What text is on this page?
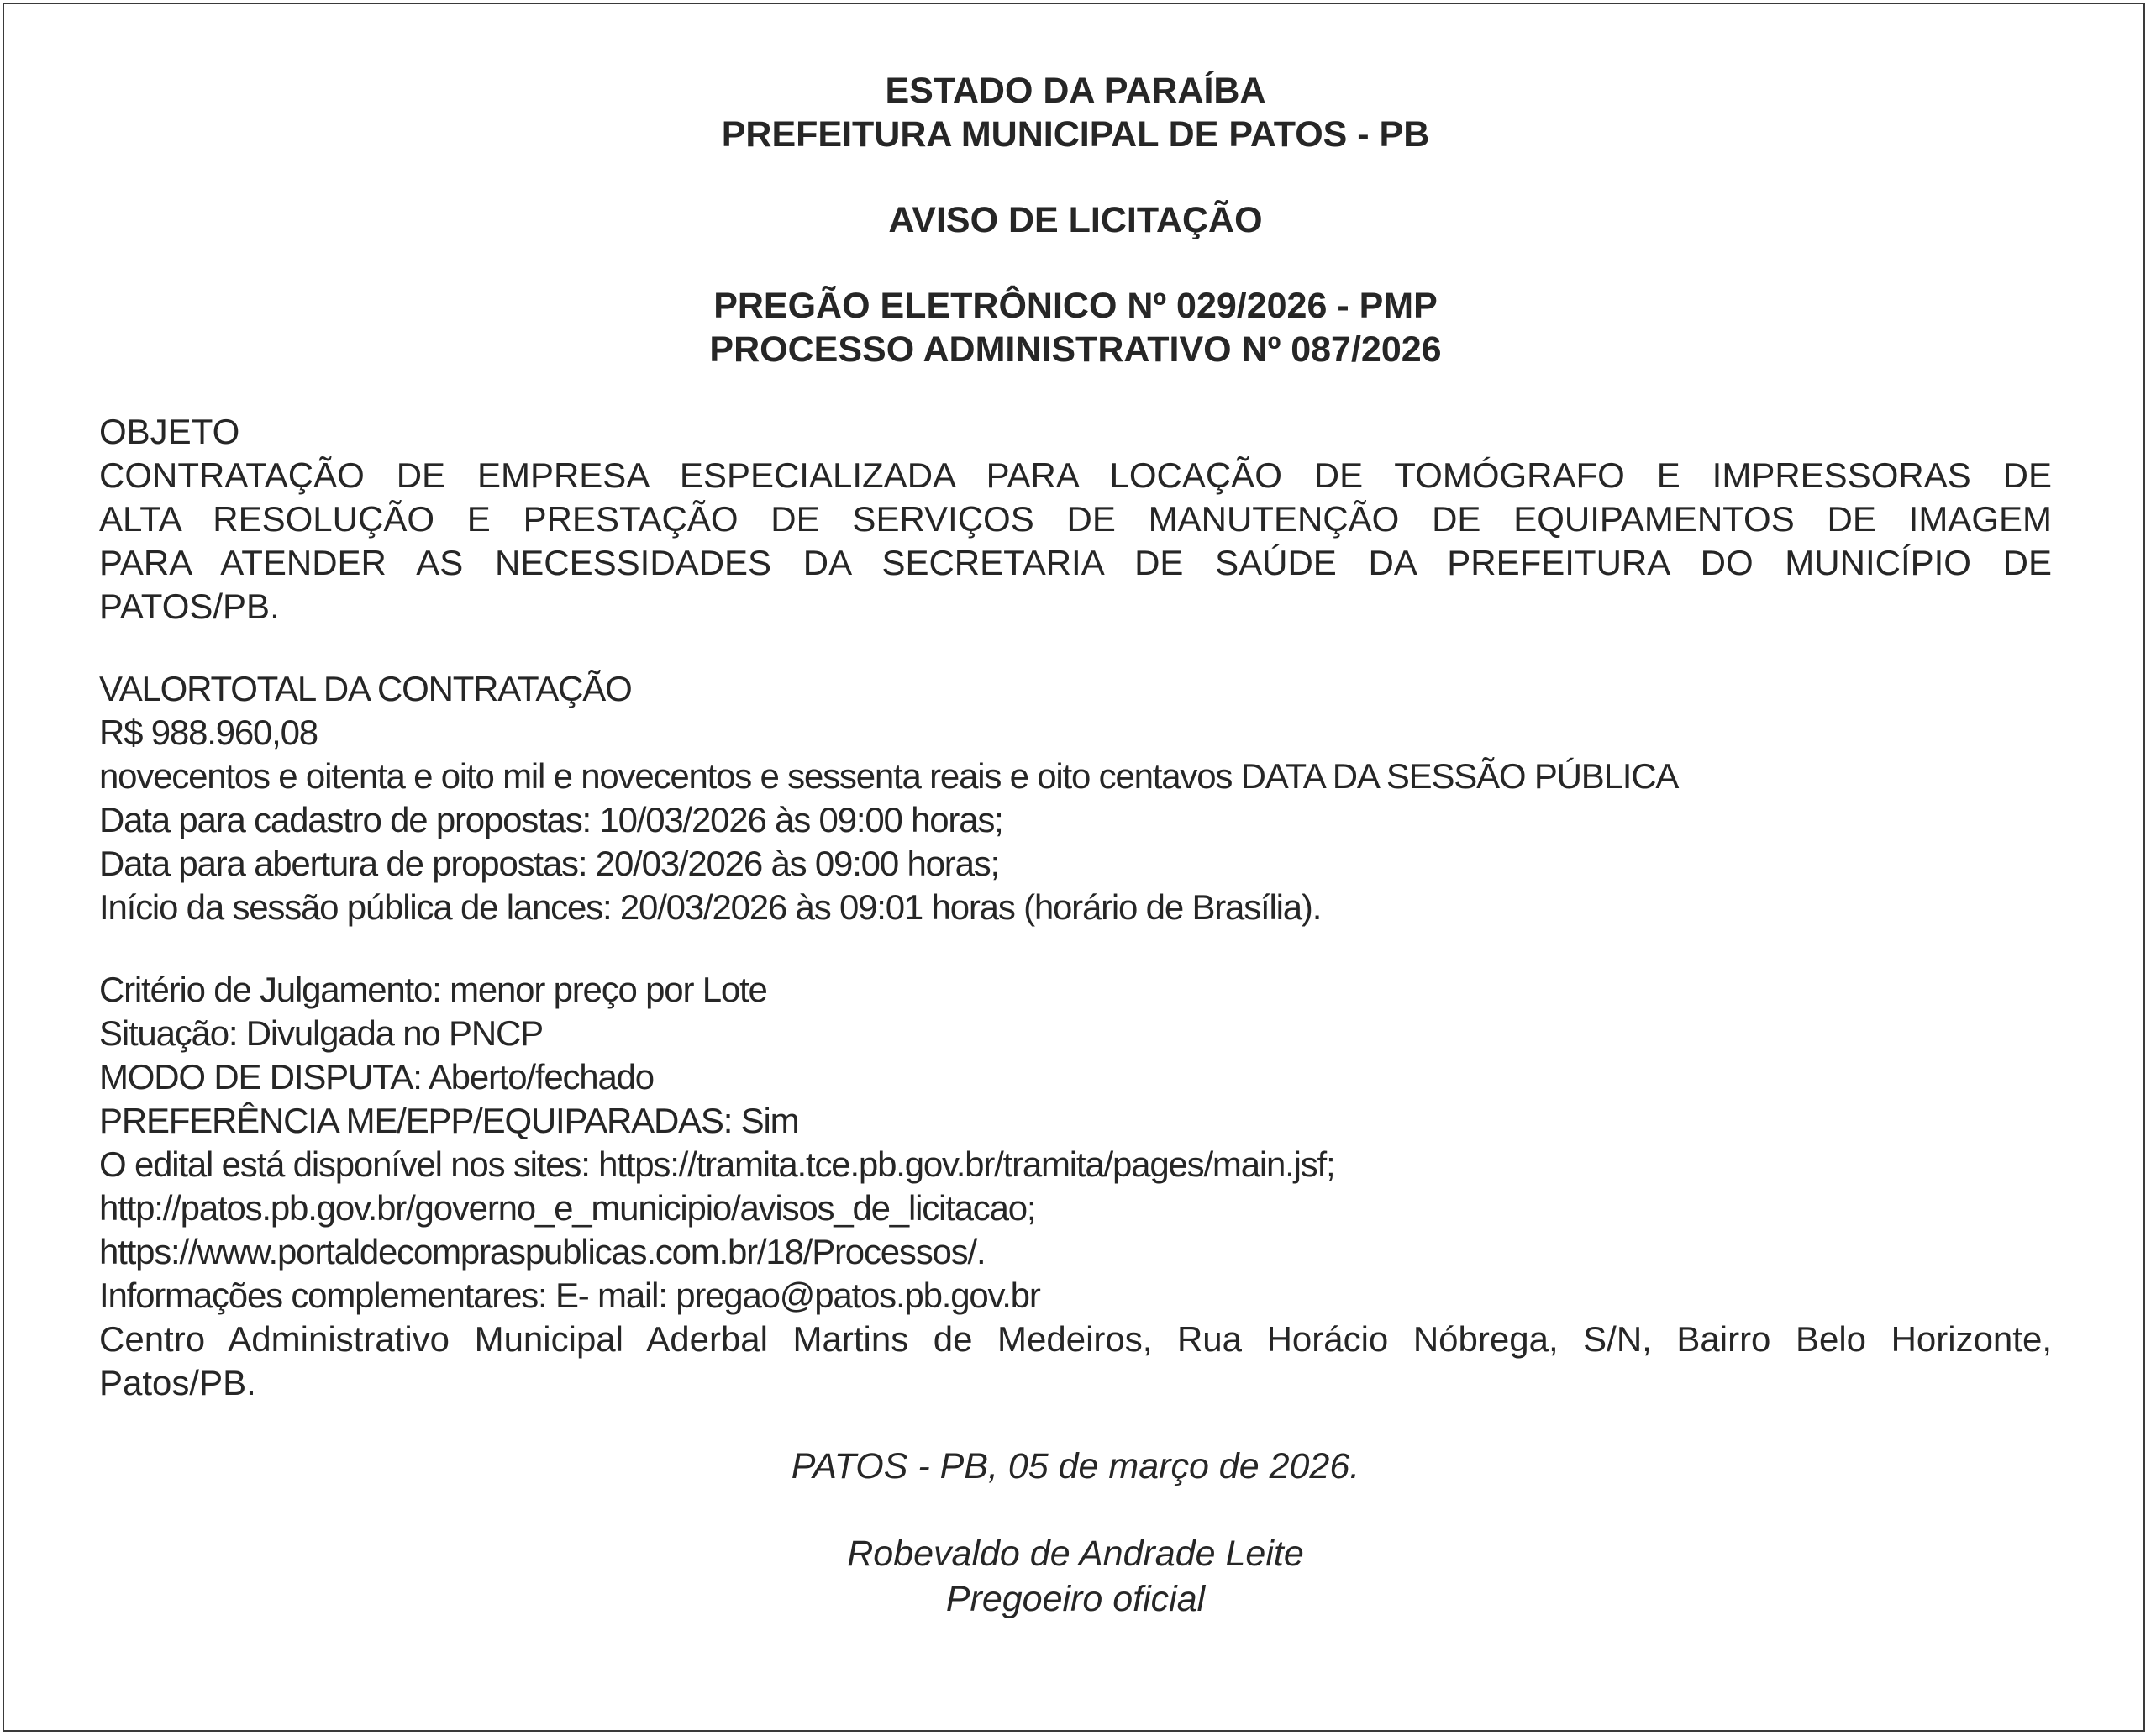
ESTADO DA PARAÍBA

PREFEITURA MUNICIPAL DE PATOS - PB

AVISO DE LICITAÇÃO

PREGÃO ELETRÔNICO Nº 029/2026 - PMP

PROCESSO ADMINISTRATIVO Nº 087/2026

OBJETO

CONTRATAÇÃO DE EMPRESA ESPECIALIZADA PARA LOCAÇÃO DE TOMÓGRAFO E IMPRESSORAS DE

ALTA RESOLUÇÃO E PRESTAÇÃO DE SERVIÇOS DE MANUTENÇÃO DE EQUIPAMENTOS DE IMAGEM

PARA ATENDER AS NECESSIDADES DA SECRETARIA DE SAÚDE DA PREFEITURA DO MUNICÍPIO DE

PATOS/PB.

VALORTOTAL DA CONTRATAÇÃO

R$ 988.960,08

novecentos e oitenta e oito mil e novecentos e sessenta reais e oito centavos DATA DA SESSÃO PÚBLICA

Data para cadastro de propostas: 10/03/2026 às 09:00 horas;

Data para abertura de propostas: 20/03/2026 às 09:00 horas;

Início da sessão pública de lances: 20/03/2026 às 09:01 horas (horário de Brasília).

Critério de Julgamento: menor preço por Lote

Situação: Divulgada no PNCP

MODO DE DISPUTA: Aberto/fechado

PREFERÊNCIA ME/EPP/EQUIPARADAS: Sim

O edital está disponível nos sites: https://tramita.tce.pb.gov.br/tramita/pages/main.jsf;

http://patos.pb.gov.br/governo_e_municipio/avisos_de_licitacao;

https://www.portaldecompraspublicas.com.br/18/Processos/.

Informações complementares: E- mail: pregao@patos.pb.gov.br

Centro Administrativo Municipal Aderbal Martins de Medeiros, Rua Horácio Nóbrega, S/N, Bairro Belo Horizonte,

Patos/PB.

PATOS - PB, 05 de março de 2026.

Robevaldo de Andrade Leite

Pregoeiro oficial
